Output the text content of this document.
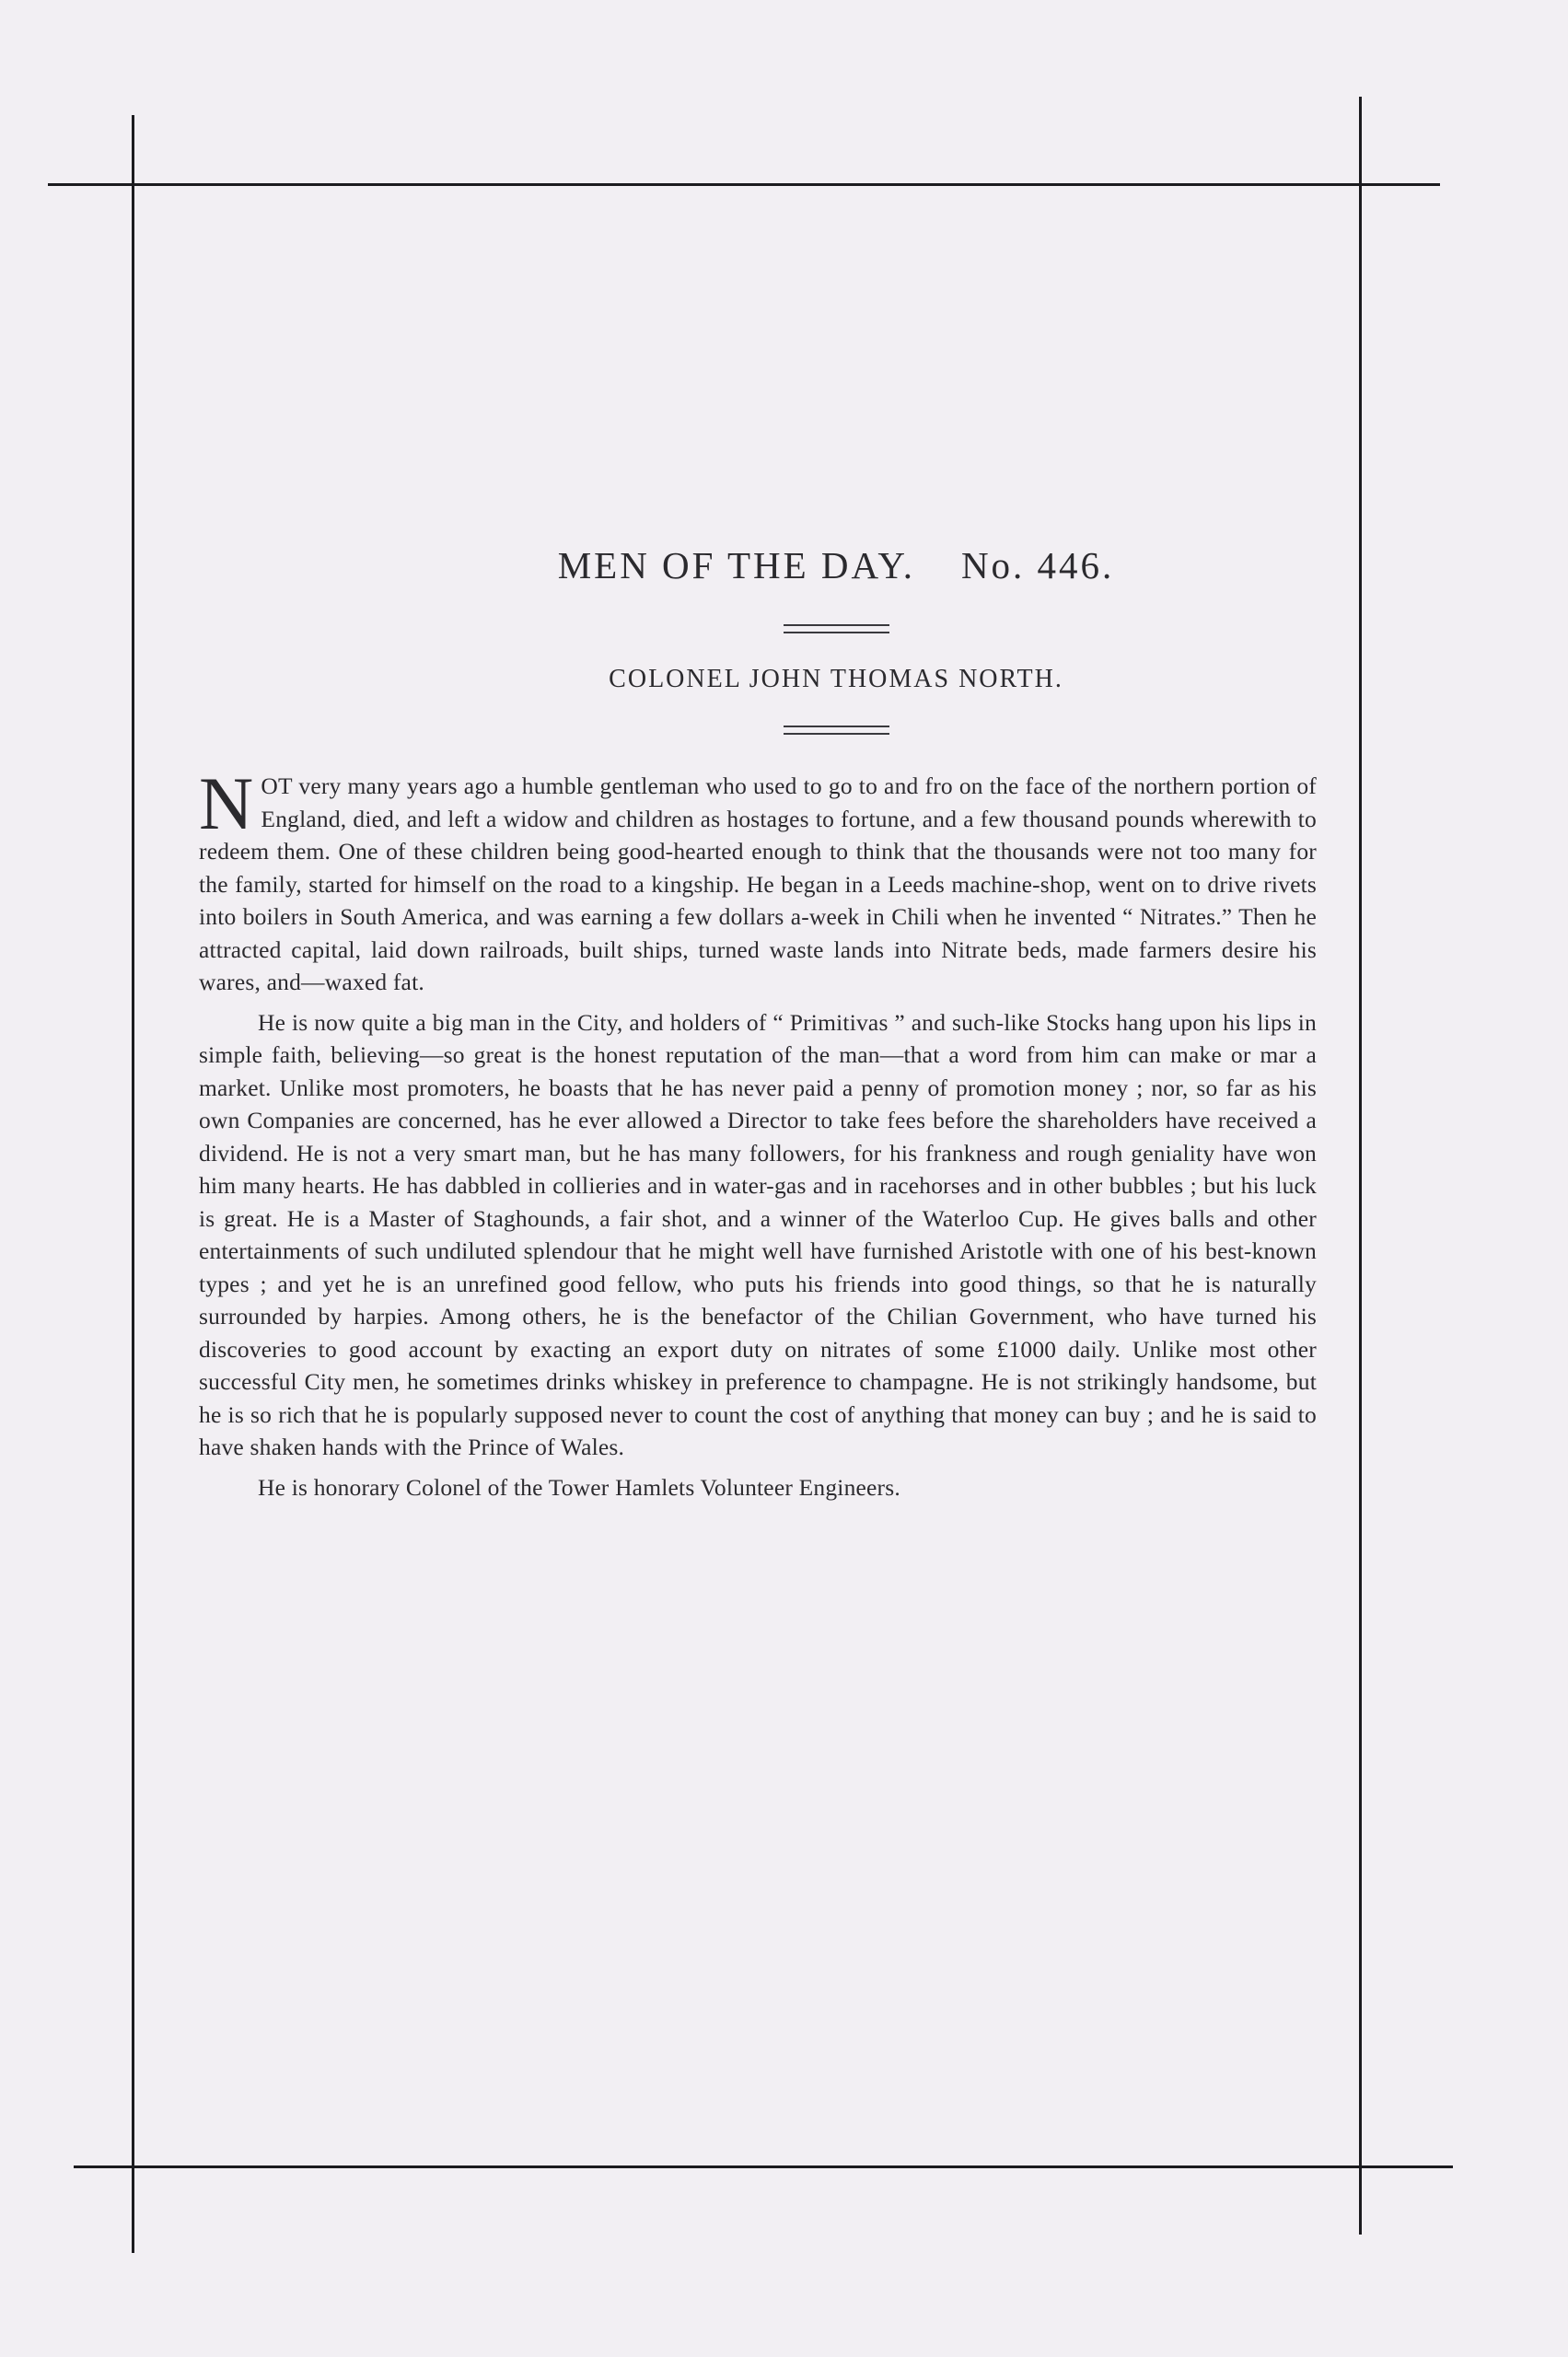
MEN OF THE DAY. No. 446.
COLONEL JOHN THOMAS NORTH.

NOT very many years ago a humble gentleman who used to go to and fro on the face of the northern portion of England, died, and left a widow and children as hostages to fortune, and a few thousand pounds wherewith to redeem them. One of these children being good-hearted enough to think that the thousands were not too many for the family, started for himself on the road to a kingship. He began in a Leeds machine-shop, went on to drive rivets into boilers in South America, and was earning a few dollars a-week in Chili when he invented “ Nitrates.” Then he attracted capital, laid down railroads, built ships, turned waste lands into Nitrate beds, made farmers desire his wares, and—waxed fat.

He is now quite a big man in the City, and holders of “ Primitivas ” and such-like Stocks hang upon his lips in simple faith, believing—so great is the honest reputation of the man—that a word from him can make or mar a market. Unlike most promoters, he boasts that he has never paid a penny of promotion money ; nor, so far as his own Companies are concerned, has he ever allowed a Director to take fees before the shareholders have received a dividend. He is not a very smart man, but he has many followers, for his frankness and rough geniality have won him many hearts. He has dabbled in collieries and in water-gas and in racehorses and in other bubbles ; but his luck is great. He is a Master of Staghounds, a fair shot, and a winner of the Waterloo Cup. He gives balls and other entertainments of such undiluted splendour that he might well have furnished Aristotle with one of his best-known types ; and yet he is an unrefined good fellow, who puts his friends into good things, so that he is naturally surrounded by harpies. Among others, he is the benefactor of the Chilian Government, who have turned his discoveries to good account by exacting an export duty on nitrates of some £1000 daily. Unlike most other successful City men, he sometimes drinks whiskey in preference to champagne. He is not strikingly handsome, but he is so rich that he is popularly supposed never to count the cost of anything that money can buy ; and he is said to have shaken hands with the Prince of Wales.

He is honorary Colonel of the Tower Hamlets Volunteer Engineers.
